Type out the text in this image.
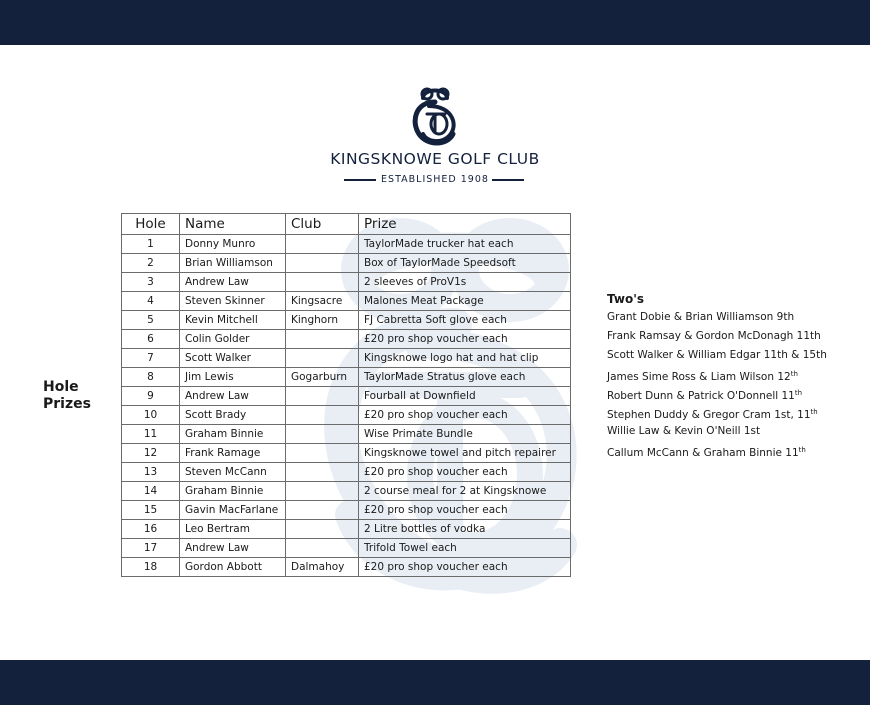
KINGSKNOWE GOLF CLUB
ESTABLISHED 1908
Hole
Prizes
Hole	Name	Club	Prize
1	Donny Munro		TaylorMade trucker hat each
2	Brian Williamson		Box of TaylorMade Speedsoft
3	Andrew Law		2 sleeves of ProV1s
4	Steven Skinner	Kingsacre	Malones Meat Package
5	Kevin Mitchell	Kinghorn	FJ Cabretta Soft glove each
6	Colin Golder		£20 pro shop voucher each
7	Scott Walker		Kingsknowe logo hat and hat clip
8	Jim Lewis	Gogarburn	TaylorMade Stratus glove each
9	Andrew Law		Fourball at Downfield
10	Scott Brady		£20 pro shop voucher each
11	Graham Binnie		Wise Primate Bundle
12	Frank Ramage		Kingsknowe towel and pitch repairer
13	Steven McCann		£20 pro shop voucher each
14	Graham Binnie		2 course meal for 2 at Kingsknowe
15	Gavin MacFarlane		£20 pro shop voucher each
16	Leo Bertram		2 Litre bottles of vodka
17	Andrew Law		Trifold Towel each
18	Gordon Abbott	Dalmahoy	£20 pro shop voucher each
Two's
Grant Dobie & Brian Williamson 9th
Frank Ramsay & Gordon McDonagh 11th
Scott Walker & William Edgar 11th & 15th
James Sime Ross & Liam Wilson 12th
Robert Dunn & Patrick O'Donnell 11th
Stephen Duddy & Gregor Cram 1st, 11th
Willie Law & Kevin O'Neill 1st
Callum McCann & Graham Binnie 11th
